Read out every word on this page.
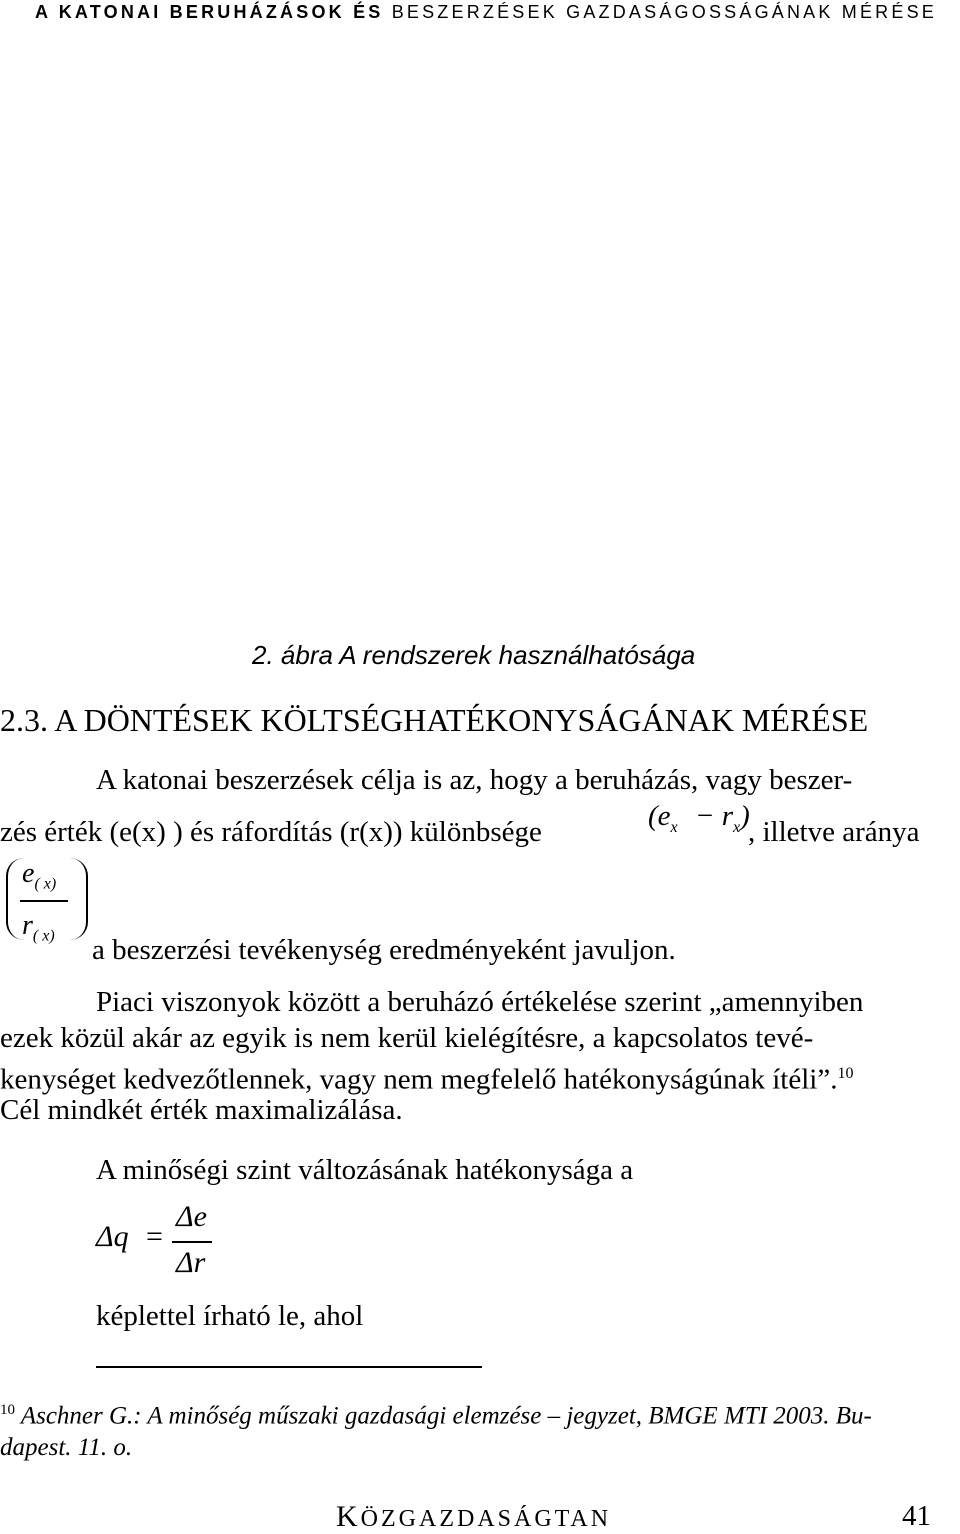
A KATONAI BERUHÁZÁSOK ÉS BESZERZÉSEK GAZDASÁGOSSÁGÁNAK MÉRÉSE
2. ábra A rendszerek használhatósága
2.3. A DÖNTÉSEK KÖLTSÉGHATÉKONYSÁGÁNAK MÉRÉSE
A katonai beszerzések célja is az, hogy a beruházás, vagy beszer-
zés érték (e(x) ) és ráfordítás (r(x)) különbsége	$(e_x - r_x)$
, illetve aránya
$e_{( x)}$
$r_{( x)}$ a beszerzési tevékenység eredményeként javuljon.
Piaci viszonyok között a beruházó értékelése szerint „amennyiben
ezek közül akár az egyik is nem kerül kielégítésre, a kapcsolatos tevé-
kenységet kedvezőtlennek, vagy nem megfelelő hatékonyságúnak ítéli”.$^{10}$
Cél mindkét érték maximalizálása.
A minőségi szint változásának hatékonysága a
Δq =
Δe
Δr
képlettel írható le, ahol
$^{10}$ Aschner G.: A minőség műszaki gazdasági elemzése – jegyzet, BMGE MTI 2003. Bu-
dapest. 11. o.
KÖZGAZDASÁGTAN	41
